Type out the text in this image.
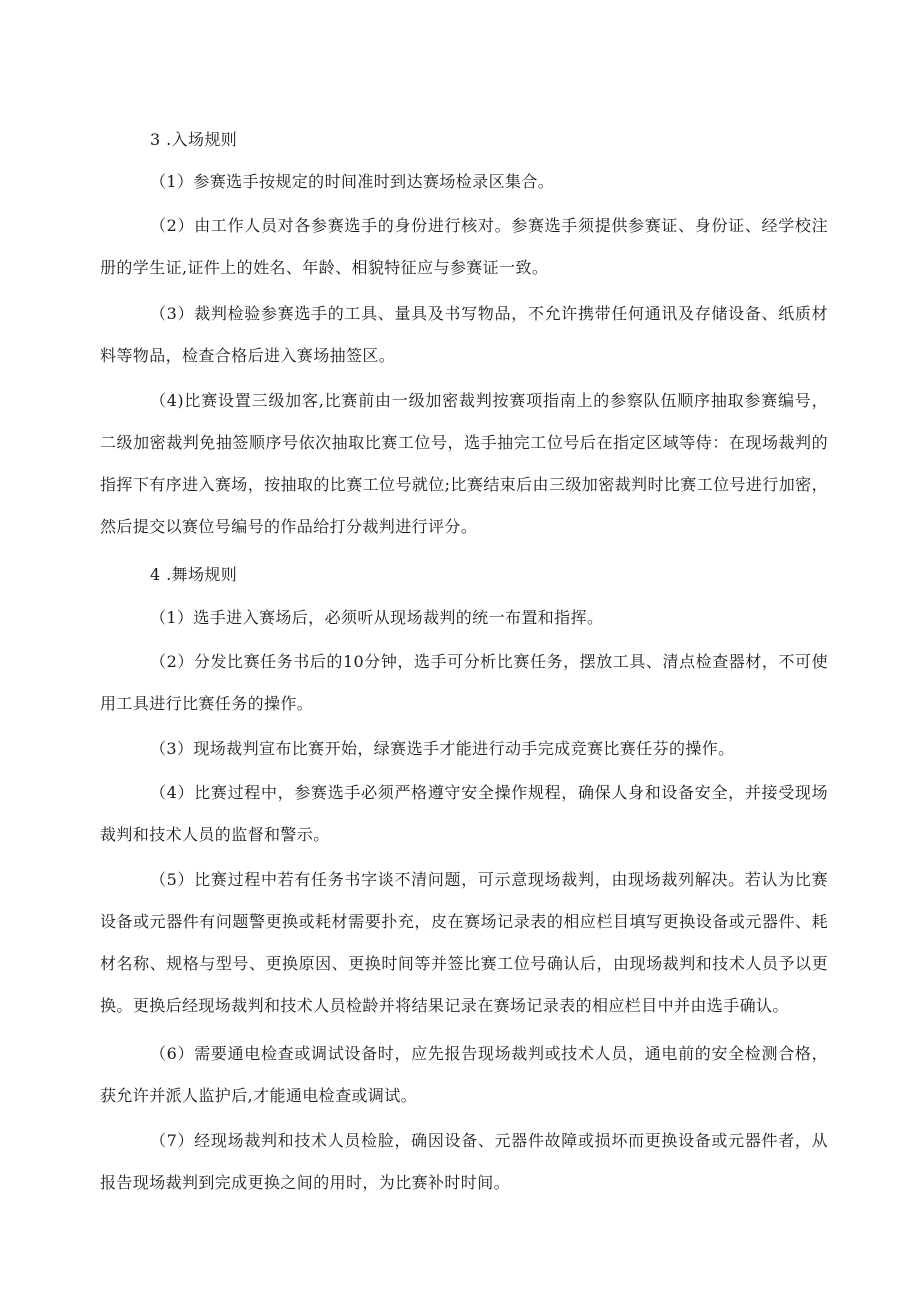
3 .入场规则

（1）参赛选手按规定的时间准时到达赛场检录区集合。

（2）由工作人员对各参赛选手的身份进行核对。参赛选手须提供参赛证、身份证、经学校注册的学生证,证件上的姓名、年龄、相貌特征应与参赛证一致。

（3）裁判检验参赛选手的工具、量具及书写物品，不允许携带任何通讯及存储设备、纸质材料等物品，检查合格后进入赛场抽签区。

（4)比赛设置三级加客,比赛前由一级加密裁判按赛项指南上的参察队伍顺序抽取参赛编号，二级加密裁判免抽签顺序号依次抽取比赛工位号，选手抽完工位号后在指定区域等侍：在现场裁判的指挥下有序进入赛场，按抽取的比赛工位号就位;比赛结束后由三级加密裁判时比赛工位号进行加密，然后提交以赛位号编号的作品给打分裁判进行评分。

4 .舞场规则

（1）选手进入赛场后，必须听从现场裁判的统一布置和指挥。

（2）分发比赛任务书后的10分钟，选手可分析比赛任务，摆放工具、清点检查器材，不可使用工具进行比赛任务的操作。

（3）现场裁判宣布比赛开始，绿赛选手才能进行动手完成竞赛比赛任芬的操作。

（4）比赛过程中，参赛选手必须严格遵守安全操作规程，确保人身和设备安全，并接受现场裁判和技术人员的监督和警示。

（5）比赛过程中若有任务书字谈不清问题，可示意现场裁判，由现场裁列解决。若认为比赛设备或元器件有问题警更换或耗材需要扑充，皮在赛场记录表的相应栏目填写更换设备或元器件、耗材名称、规格与型号、更换原因、更换时间等并签比赛工位号确认后，由现场裁判和技术人员予以更换。更换后经现场裁判和技术人员检龄并将结果记录在赛场记录表的相应栏目中并由选手确认。

（6）需要通电检查或调试设备时，应先报告现场裁判或技术人员，通电前的安全检测合格，获允许并派人监护后,才能通电检查或调试。

（7）经现场裁判和技术人员检脸，确因设备、元器件故障或损坏而更换设备或元器件者，从报告现场裁判到完成更换之间的用时，为比赛补时时间。
